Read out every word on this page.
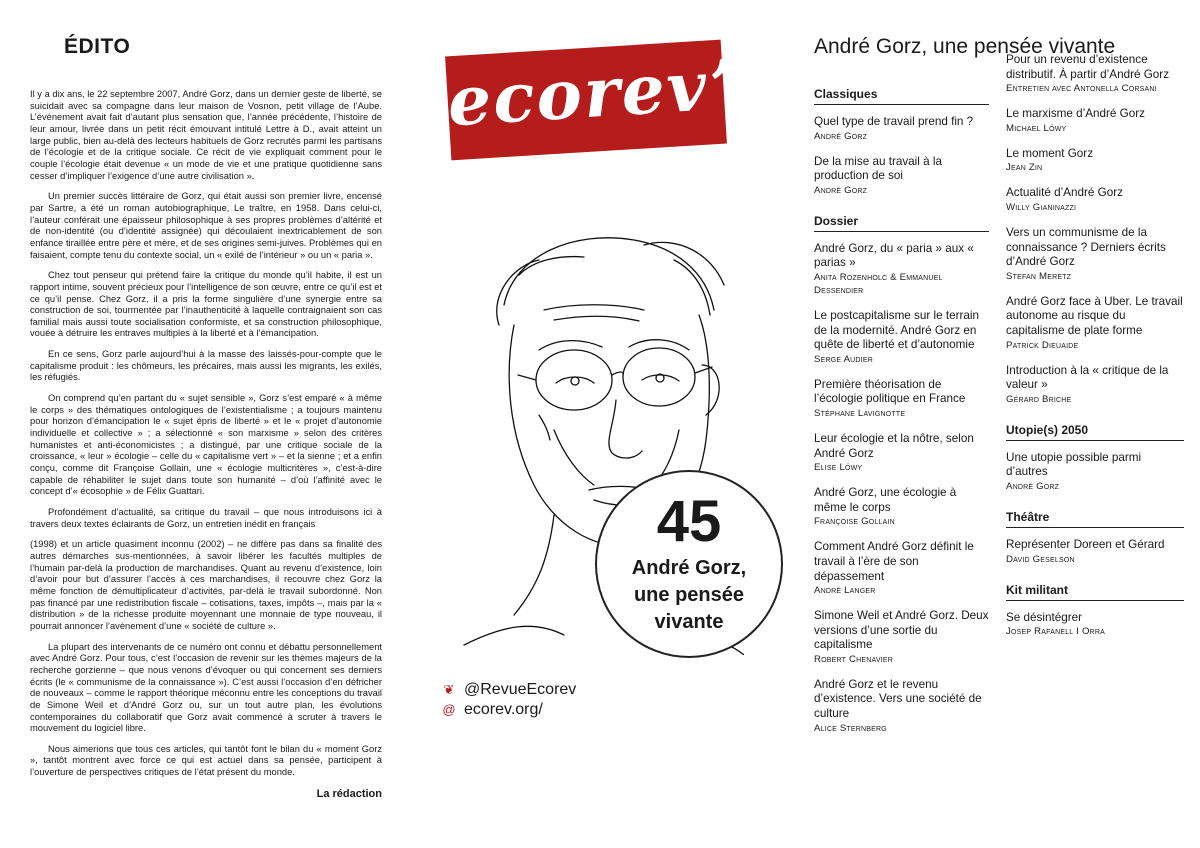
ÉDITO

Il y a dix ans, le 22 septembre 2007, André Gorz, dans un dernier geste de liberté, se suicidait avec sa compagne dans leur maison de Vosnon, petit village de l’Aube. L’événement avait fait d’autant plus sensation que, l’année précédente, l’histoire de leur amour, livrée dans un petit récit émouvant intitulé Lettre à D., avait atteint un large public, bien au-delà des lecteurs habituels de Gorz recrutés parmi les partisans de l’écologie et de la critique sociale. Ce récit de vie expliquait comment pour le couple l’écologie était devenue « un mode de vie et une pratique quotidienne sans cesser d’impliquer l’exigence d’une autre civilisation ».

Un premier succès littéraire de Gorz, qui était aussi son premier livre, encensé par Sartre, a été un roman autobiographique, Le traître, en 1958. Dans celui-ci, l’auteur conférait une épaisseur philosophique à ses propres problèmes d’altérité et de non-identité (ou d’identité assignée) qui découlaient inextricablement de son enfance tiraillée entre père et mère, et de ses origines semi-juives. Problèmes qui en faisaient, compte tenu du contexte social, un « exilé de l’intérieur » ou un « paria ».

Chez tout penseur qui prétend faire la critique du monde qu’il habite, il est un rapport intime, souvent précieux pour l’intelligence de son œuvre, entre ce qu’il est et ce qu’il pense. Chez Gorz, il a pris la forme singulière d’une synergie entre sa construction de soi, tourmentée par l’inauthenticité à laquelle contraignaient son cas familial mais aussi toute socialisation conformiste, et sa construction philosophique, vouée à détruire les entraves multiples à la liberté et à l’émancipation.

En ce sens, Gorz parle aujourd’hui à la masse des laissés-pour-compte que le capitalisme produit : les chômeurs, les précaires, mais aussi les migrants, les exilés, les réfugiés.

On comprend qu’en partant du « sujet sensible », Gorz s’est emparé « à même le corps » des thématiques ontologiques de l’existentialisme ; a toujours maintenu pour horizon d’émancipation le « sujet épris de liberté » et le « projet d’autonomie individuelle et collective » ; a sélectionné « son marxisme » selon des critères humanistes et anti-économicistes ; a distingué, par une critique sociale de la croissance, « leur » écologie – celle du « capitalisme vert » – et la sienne ; et a enfin conçu, comme dit Françoise Gollain, une « écologie multicritères », c’est-à-dire capable de réhabiliter le sujet dans toute son humanité – d’où l’affinité avec le concept d’« écosophie » de Félix Guattari.

Profondément d’actualité, sa critique du travail – que nous introduisons ici à travers deux textes éclairants de Gorz, un entretien inédit en français

(1998) et un article quasiment inconnu (2002) – ne diffère pas dans sa finalité des autres démarches sus-mentionnées, à savoir libérer les facultés multiples de l’humain par-delà la production de marchandises. Quant au revenu d’existence, loin d’avoir pour but d’assurer l’accès à ces marchandises, il recouvre chez Gorz la même fonction de démultiplicateur d’activités, par-delà le travail subordonné. Non pas financé par une redistribution fiscale – cotisations, taxes, impôts –, mais par la « distribution » de la richesse produite moyennant une monnaie de type nouveau, il pourrait annoncer l’avènement d’une « société de culture ».

La plupart des intervenants de ce numéro ont connu et débattu personnellement avec André Gorz. Pour tous, c’est l’occasion de revenir sur les thèmes majeurs de la recherche gorzienne – que nous venons d’évoquer ou qui concernent ses derniers écrits (le « communisme de la connaissance »). C’est aussi l’occasion d’en défricher de nouveaux – comme le rapport théorique méconnu entre les conceptions du travail de Simone Weil et d’André Gorz ou, sur un tout autre plan, les évolutions contemporaines du collaboratif que Gorz avait commencé à scruter à travers le mouvement du logiciel libre.

Nous aimerions que tous ces articles, qui tantôt font le bilan du « moment Gorz », tantôt montrent avec force ce qui est actuel dans sa pensée, participent à l’ouverture de perspectives critiques de l’état présent du monde.

La rédaction
ecorev’
45
André Gorz,
une pensée
vivante
❦ @RevueEcorev
@ ecorev.org/
André Gorz, une pensée vivante
Classiques
Quel type de travail prend fin ?
André Gorz
De la mise au travail à la production de soi
André Gorz
Dossier
André Gorz, du « paria » aux « parias »
Anita Rozenholc & Emmanuel Dessendier
Le postcapitalisme sur le terrain de la modernité. André Gorz en quête de liberté et d’autonomie
Serge Audier
Première théorisation de l’écologie politique en France
Stéphane Lavignotte
Leur écologie et la nôtre, selon André Gorz
Elise Löwy
André Gorz, une écologie à même le corps
Françoise Gollain
Comment André Gorz définit le travail à l’ère de son dépassement
André Langer
Simone Weil et André Gorz. Deux versions d’une sortie du capitalisme
Robert Chenavier
André Gorz et le revenu d’existence. Vers une société de culture
Alice Sternberg
Pour un revenu d’existence distributif. À partir d’André Gorz
Entretien avec Antonella Corsani
Le marxisme d’André Gorz
Michael Löwy
Le moment Gorz
Jean Zin
Actualité d’André Gorz
Willy Gianinazzi
Vers un communisme de la connaissance ? Derniers écrits d’André Gorz
Stefan Meretz
André Gorz face à Uber. Le travail autonome au risque du capitalisme de plate forme
Patrick Dieuaide
Introduction à la « critique de la valeur »
Gérard Briche
Utopie(s) 2050
Une utopie possible parmi d’autres
André Gorz
Théâtre
Représenter Doreen et Gérard
David Geselson
Kit militant
Se désintégrer
Josep Rafanell I Orra
